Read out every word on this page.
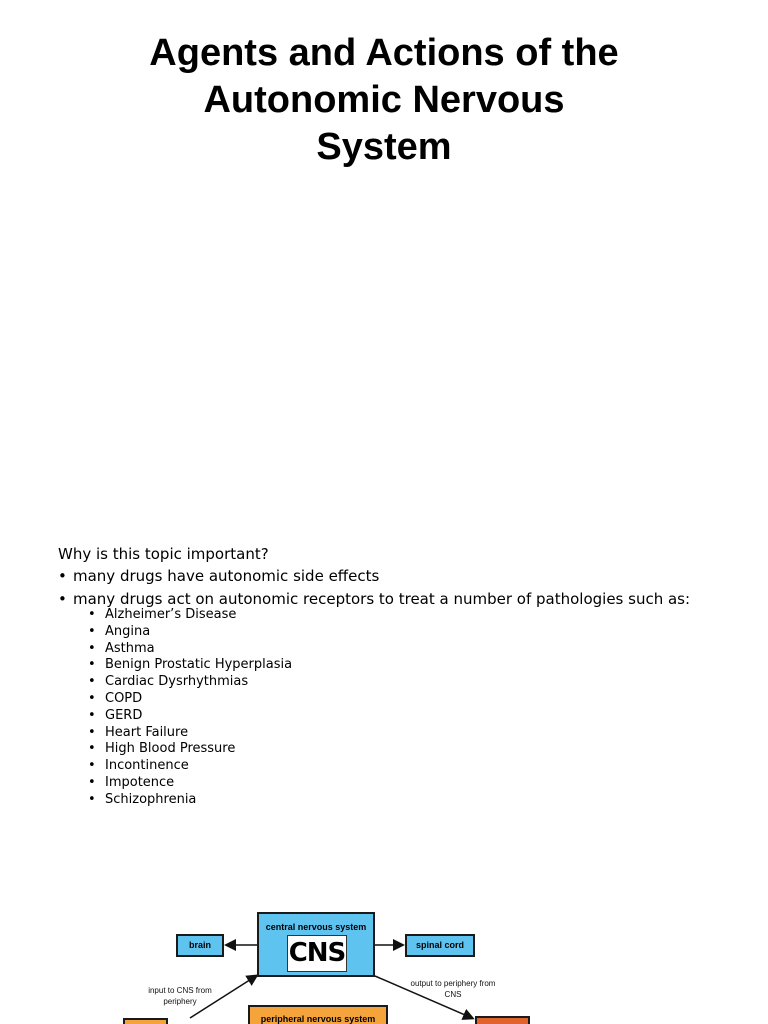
Agents and Actions of the
Autonomic Nervous
System

Why is this topic important?

• many drugs have autonomic side effects
• many drugs act on autonomic receptors to treat a number of pathologies such as:
• Alzheimer’s Disease
• Angina
• Asthma
• Benign Prostatic Hyperplasia
• Cardiac Dysrhythmias
• COPD
• GERD
• Heart Failure
• High Blood Pressure
• Incontinence
• Impotence
• Schizophrenia
central nervous system
CNS
brain	spinal cord
input to CNS from periphery
output to periphery from CNS
peripheral nervous system
